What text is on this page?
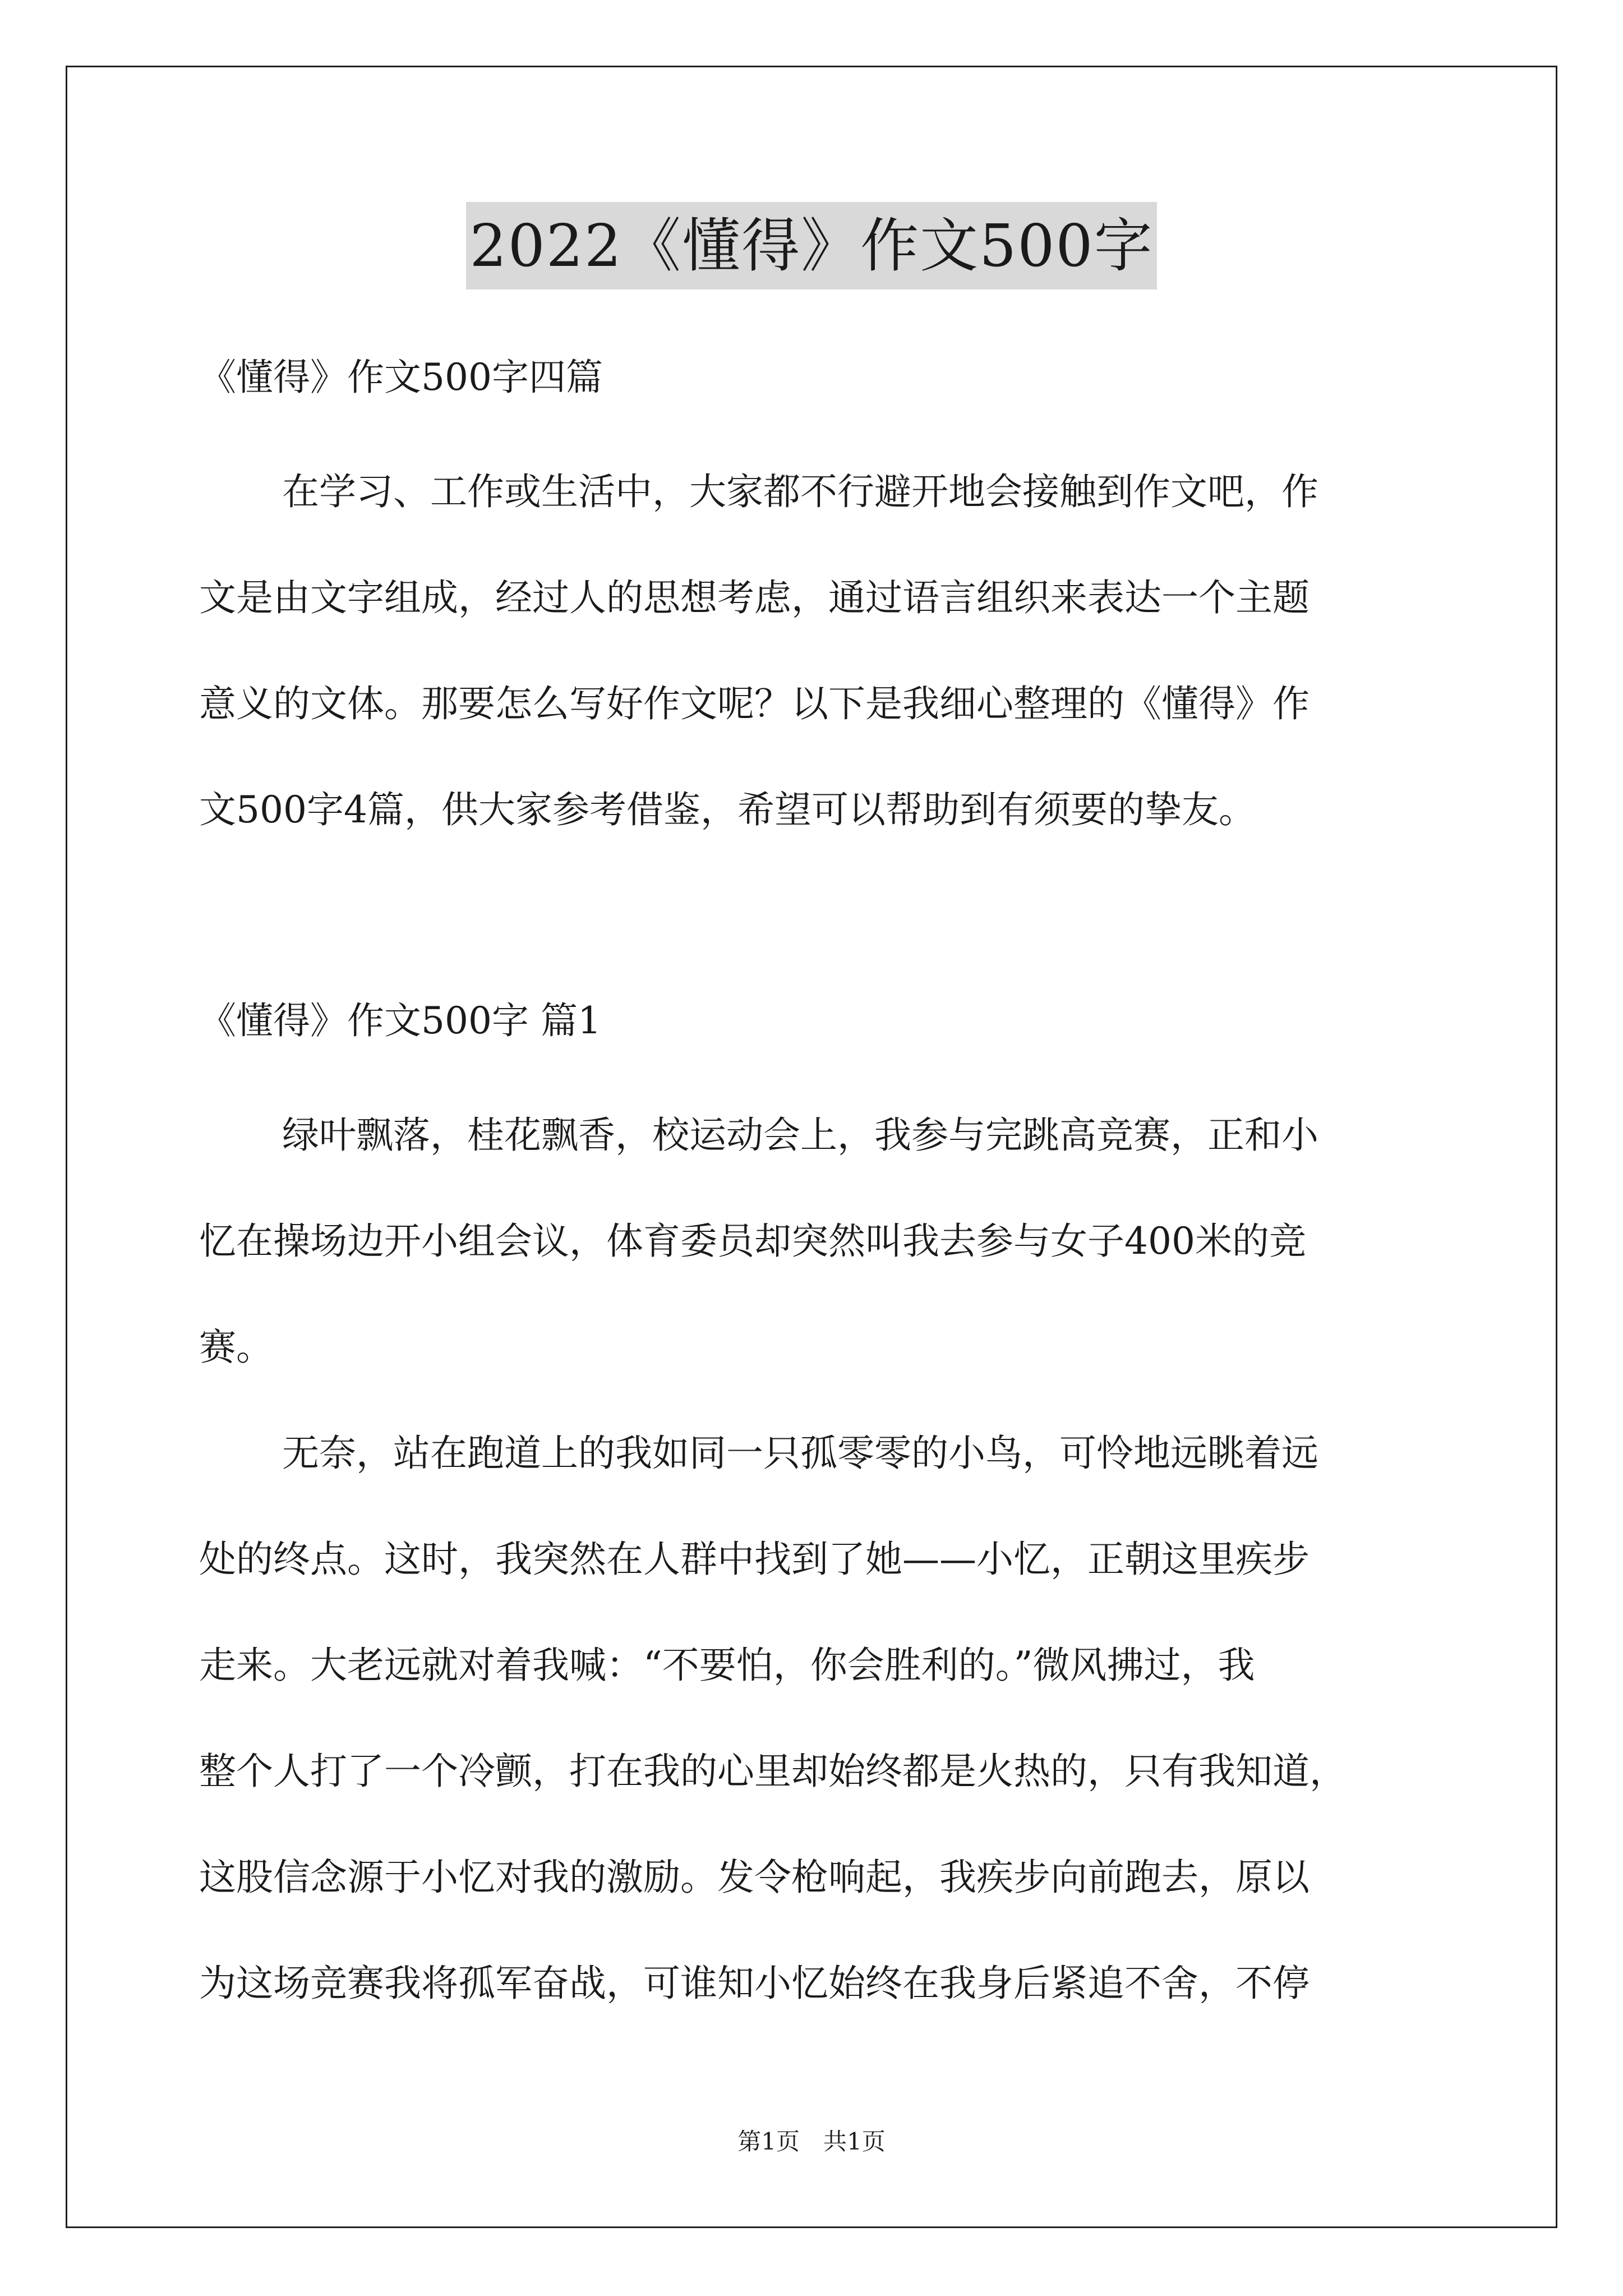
2022《懂得》作文500字
《懂得》作文500字四篇
在学习、工作或生活中，大家都不行避开地会接触到作文吧，作
文是由文字组成，经过人的思想考虑，通过语言组织来表达一个主题
意义的文体。那要怎么写好作文呢？以下是我细心整理的《懂得》作
文500字4篇，供大家参考借鉴，希望可以帮助到有须要的挚友。
《懂得》作文500字 篇1
绿叶飘落，桂花飘香，校运动会上，我参与完跳高竞赛，正和小
忆在操场边开小组会议，体育委员却突然叫我去参与女子400米的竞
赛。
无奈，站在跑道上的我如同一只孤零零的小鸟，可怜地远眺着远
处的终点。这时，我突然在人群中找到了她——小忆，正朝这里疾步
走来。大老远就对着我喊：“不要怕，你会胜利的。”微风拂过，我
整个人打了一个冷颤，打在我的心里却始终都是火热的，只有我知道，
这股信念源于小忆对我的激励。发令枪响起，我疾步向前跑去，原以
为这场竞赛我将孤军奋战，可谁知小忆始终在我身后紧追不舍，不停
第1页　共1页
